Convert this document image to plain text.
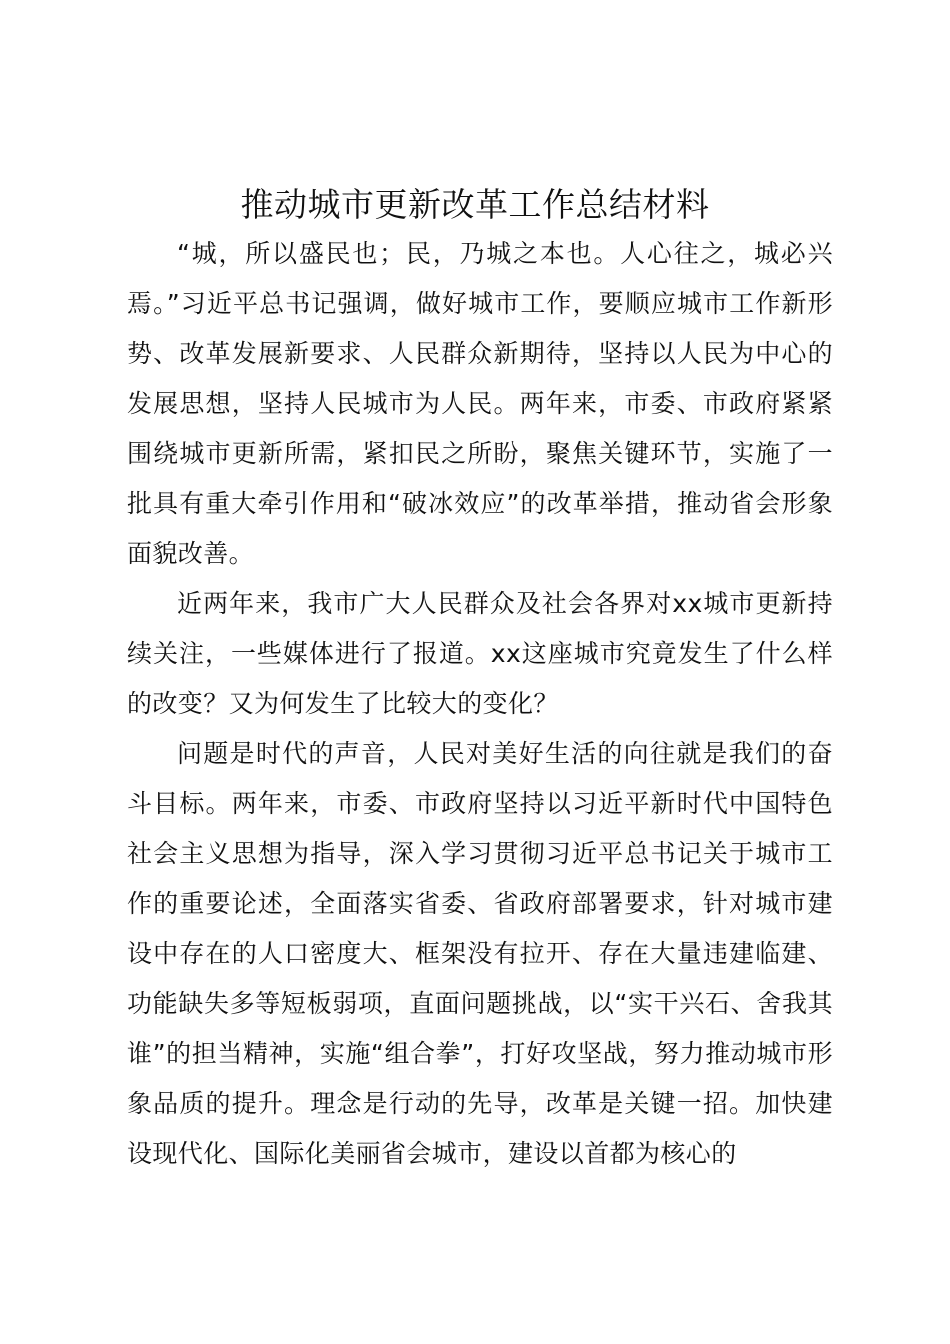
推动城市更新改革工作总结材料

“城，所以盛民也；民，乃城之本也。人心往之，城必兴焉。”习近平总书记强调，做好城市工作，要顺应城市工作新形势、改革发展新要求、人民群众新期待，坚持以人民为中心的发展思想，坚持人民城市为人民。两年来，市委、市政府紧紧围绕城市更新所需，紧扣民之所盼，聚焦关键环节，实施了一批具有重大牵引作用和“破冰效应”的改革举措，推动省会形象面貌改善。

近两年来，我市广大人民群众及社会各界对xx城市更新持续关注，一些媒体进行了报道。xx这座城市究竟发生了什么样的改变？又为何发生了比较大的变化？

问题是时代的声音，人民对美好生活的向往就是我们的奋斗目标。两年来，市委、市政府坚持以习近平新时代中国特色社会主义思想为指导，深入学习贯彻习近平总书记关于城市工作的重要论述，全面落实省委、省政府部署要求，针对城市建设中存在的人口密度大、框架没有拉开、存在大量违建临建、功能缺失多等短板弱项，直面问题挑战，以“实干兴石、舍我其谁”的担当精神，实施“组合拳”，打好攻坚战，努力推动城市形象品质的提升。理念是行动的先导，改革是关键一招。加快建设现代化、国际化美丽省会城市，建设以首都为核心的
